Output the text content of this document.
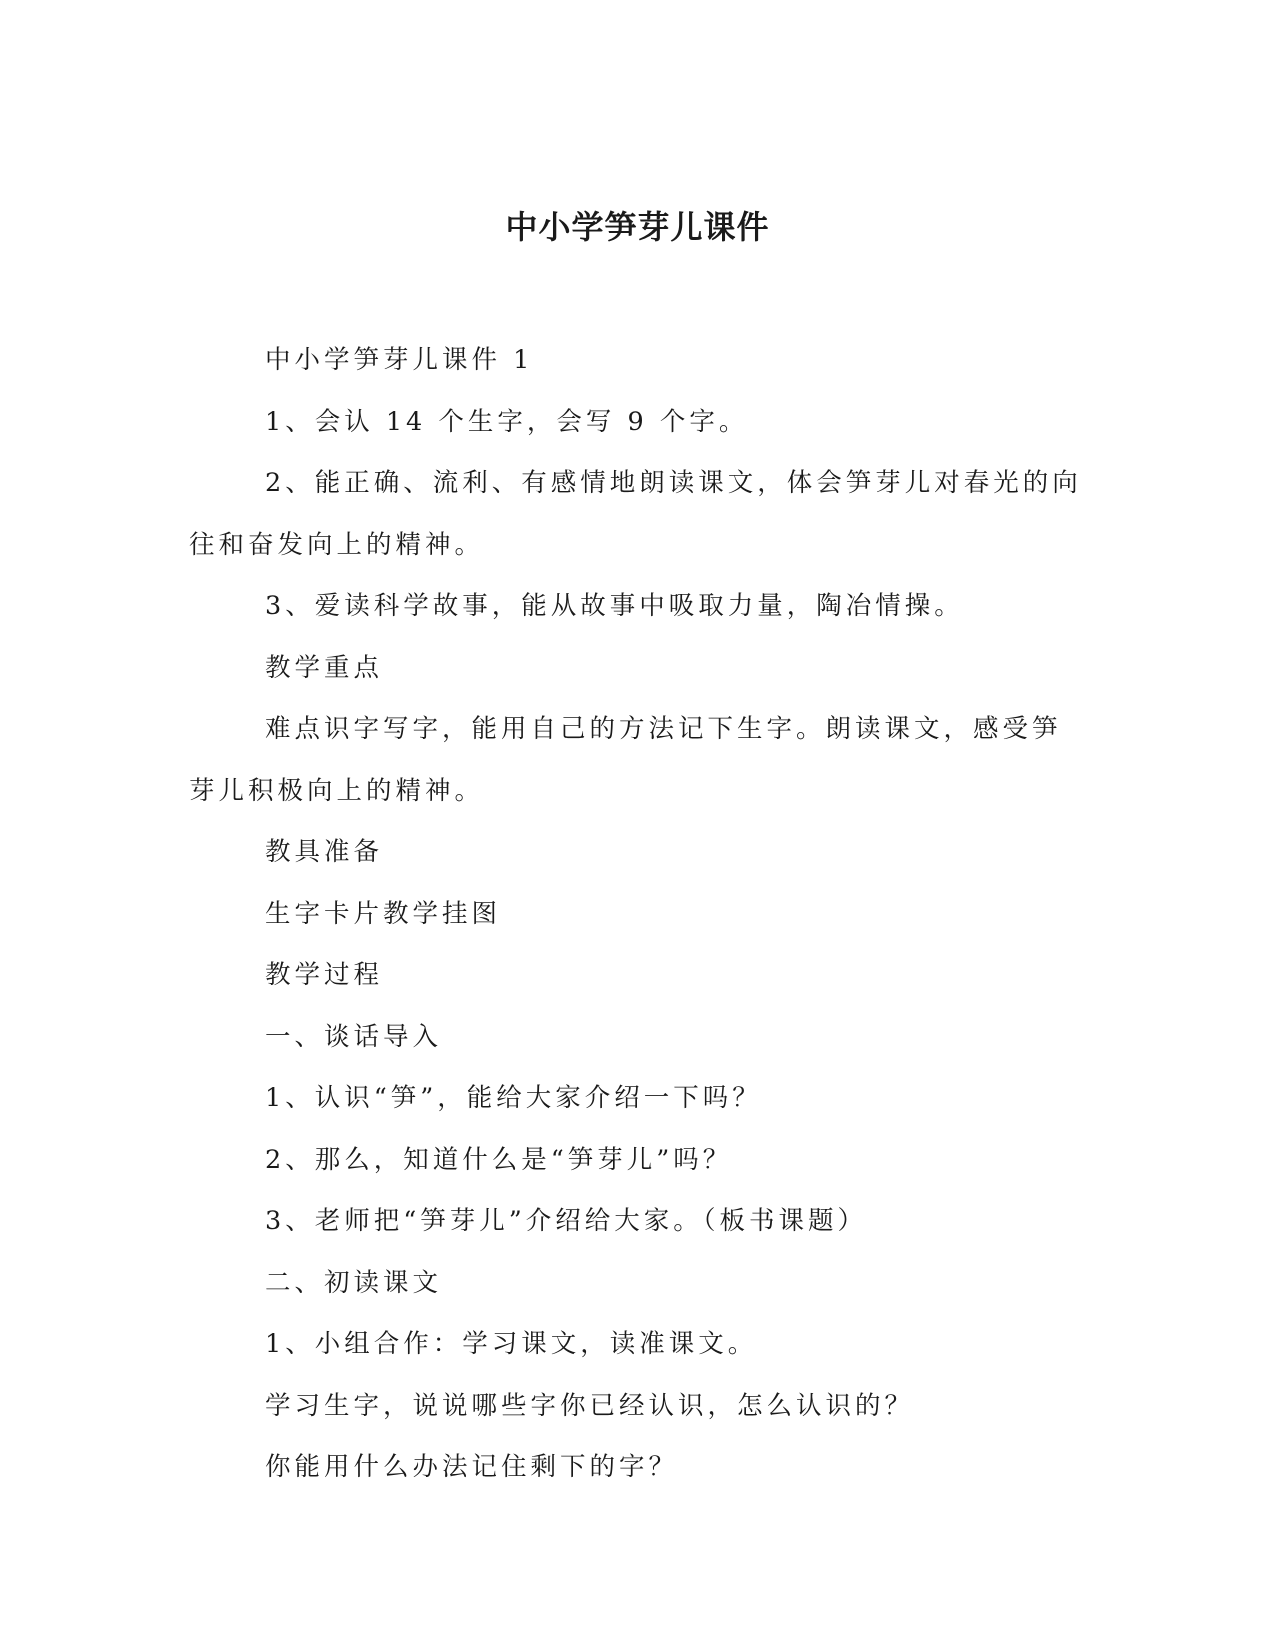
中小学笋芽儿课件

中小学笋芽儿课件 1

1、会认 14 个生字，会写 9 个字。

2、能正确、流利、有感情地朗读课文，体会笋芽儿对春光的向往和奋发向上的精神。

3、爱读科学故事，能从故事中吸取力量，陶冶情操。

教学重点

难点识字写字，能用自己的方法记下生字。朗读课文，感受笋芽儿积极向上的精神。

教具准备

生字卡片教学挂图

教学过程

一、谈话导入

1、认识“笋”，能给大家介绍一下吗？

2、那么，知道什么是“笋芽儿”吗？

3、老师把“笋芽儿”介绍给大家。（板书课题）

二、初读课文

1、小组合作：学习课文，读准课文。

学习生字，说说哪些字你已经认识，怎么认识的？

你能用什么办法记住剩下的字？
